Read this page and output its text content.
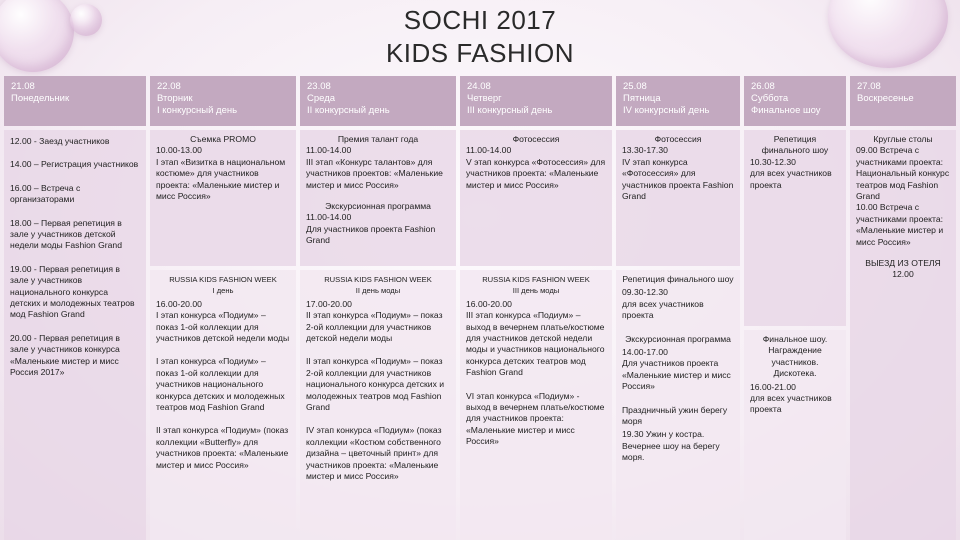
SOCHI 2017
KIDS FASHION
21.08
Понедельник
22.08
Вторник
I конкурсный день
23.08
Среда
II конкурсный день
24.08
Четверг
III конкурсный день
25.08
Пятница
IV конкурсный день
26.08
Суббота
Финальное шоу
27.08
Воскресенье

12.00 - Заезд участников

14.00 – Регистрация участников

16.00 – Встреча с организаторами

18.00 – Первая репетиция в зале у участников детской недели моды Fashion Grand

19.00 - Первая репетиция в зале у участников национального конкурса детских и молодежных театров мод Fashion Grand

20.00 - Первая репетиция в зале у участников конкурса «Маленькие мистер и мисс Россия 2017»

Съемка PROMO

10.00-13.00
I этап «Визитка в национальном костюме» для участников проекта: «Маленькие мистер и мисс Россия»

RUSSIA KIDS FASHION WEEK
I день

16.00-20.00
I этап конкурса «Подиум» – показ 1-ой коллекции для участников детской недели моды

I этап конкурса «Подиум» – показ 1-ой коллекции для участников национального конкурса детских и молодежных театров мод Fashion Grand

II этап конкурса «Подиум» (показ коллекции «Butterfly» для участников проекта: «Маленькие мистер и мисс Россия»

Премия талант года

11.00-14.00
III этап «Конкурс талантов» для участников проектов: «Маленькие мистер и мисс Россия»

Экскурсионная программа

11.00-14.00
Для участников проекта Fashion Grand

RUSSIA KIDS FASHION WEEK
II день моды

17.00-20.00
II этап конкурса «Подиум» – показ 2-ой коллекции для участников детской недели моды

II этап конкурса «Подиум» – показ 2-ой коллекции для участников национального конкурса детских и молодежных театров мод Fashion Grand

IV этап конкурса «Подиум» (показ коллекции «Костюм собственного дизайна – цветочный принт» для участников проекта: «Маленькие мистер и мисс Россия»

Фотосессия

11.00-14.00
V этап конкурса «Фотосессия» для участников проекта: «Маленькие мистер и мисс Россия»

RUSSIA KIDS FASHION WEEK
III день моды

16.00-20.00
III этап конкурса «Подиум» – выход в вечернем платье/костюме для участников детской недели моды и участников национального конкурса детских театров мод Fashion Grand

VI этап конкурса «Подиум» - выход в вечернем платье/костюме для участников проекта: «Маленькие мистер и мисс Россия»

Фотосессия

13.30-17.30
IV этап конкурса «Фотосессия» для участников проекта Fashion Grand

Репетиция финального шоу

09.30-12.30
для всех участников проекта

Экскурсионная программа

14.00-17.00
Для участников проекта «Маленькие мистер и мисс Россия»

Праздничный ужин берегу моря

19.30 Ужин у костра. Вечернее шоу на берегу моря.

Репетиция финального шоу

10.30-12.30
для всех участников проекта

Финальное шоу. Награждение участников. Дискотека.

16.00-21.00
для всех участников проекта

Круглые столы

09.00 Встреча с участниками проекта: Национальный конкурс театров мод Fashion Grand
10.00 Встреча с участниками проекта: «Маленькие мистер и мисс Россия»

ВЫЕЗД ИЗ ОТЕЛЯ
12.00
